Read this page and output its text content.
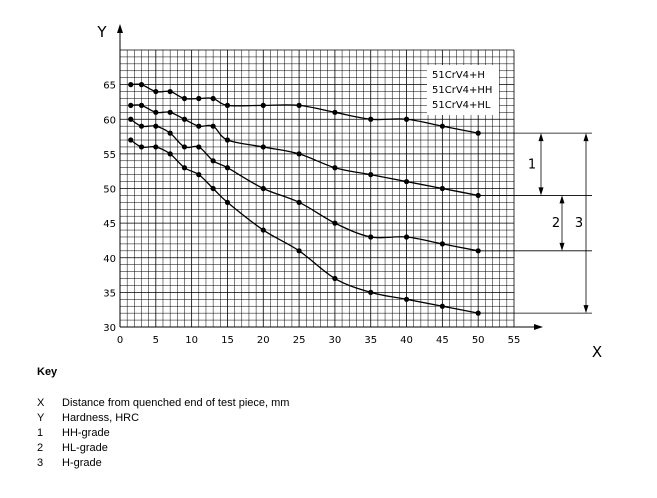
0	5	10 15 20 25 30 35 40 45 50 55
30
35
40
45
50
55
60
65
Y
X
51CrV4+H
51CrV4+HH
51CrV4+HL
1
2 3
Key
X Distance from quenched end of test piece, mm
Y Hardness, HRC
1 HH-grade
2 HL-grade
3 H-grade
